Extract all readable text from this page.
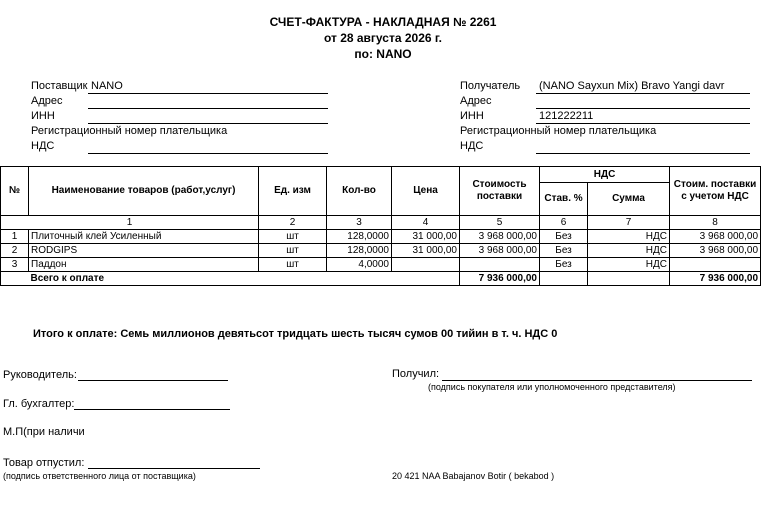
СЧЕТ-ФАКТУРА - НАКЛАДНАЯ № 2261
от 28 августа 2026 г.
по: NANO
Поставщик NANO
Адрес
ИНН
Регистрационный номер плательщика
НДС
Получатель (NANO Sayxun Mix) Bravo Yangi davr
Адрес
ИНН	121222211
Регистрационный номер плательщика
НДС
№	Наименование товаров (работ,услуг)	Ед. изм	Кол-во	Цена	Стоимость поставки	НДС		Стоим. поставки с учетом НДС
						Став. %	Сумма	
1		2	3	4	5	6	7	8
1	Плиточный клей Усиленный	шт	128,0000	31 000,00	3 968 000,00	Без	НДС	3 968 000,00
2	RODGIPS	шт	128,0000	31 000,00	3 968 000,00	Без	НДС	3 968 000,00
3	Паддон	шт	4,0000			Без	НДС	
	Всего к оплате				7 936 000,00			7 936 000,00
Итого к оплате: Семь миллионов девятьсот тридцать шесть тысяч сумов 00 тийин в т. ч. НДС 0
Руководитель:
Гл. бухгалтер:
М.П(при наличи
Товар отпустил:
(подпись ответственного лица от поставщика)
Получил:
(подпись покупателя или уполномоченного представителя)
20 421 NAA Babajanov Botir ( bekabod )
